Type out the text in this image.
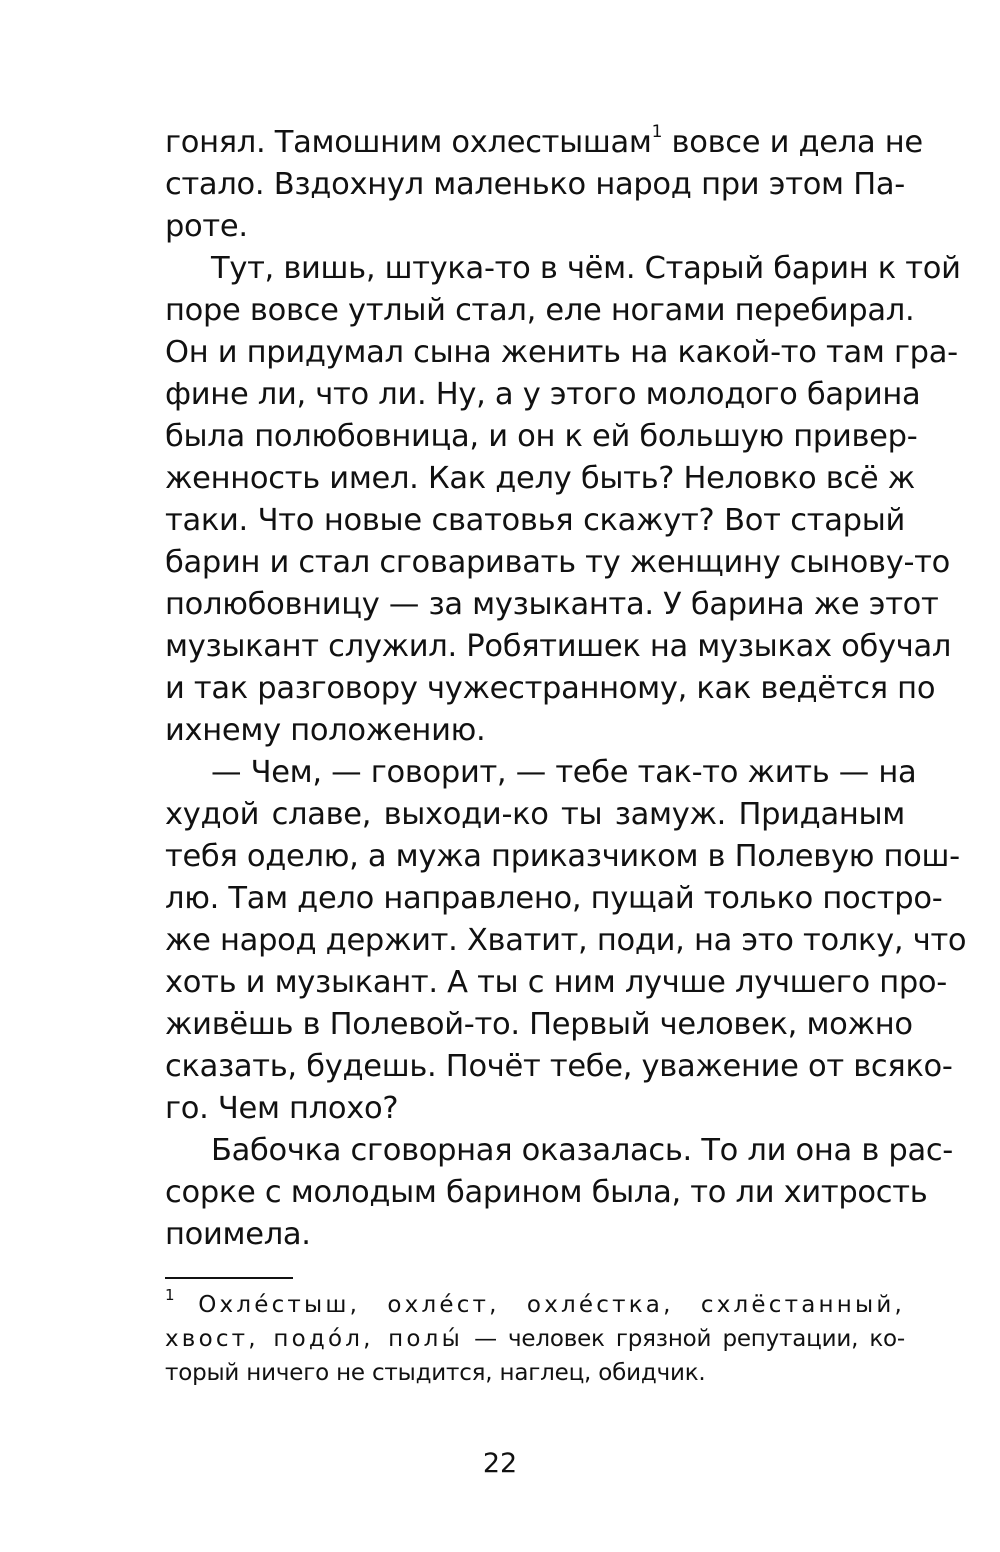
гонял. Тамошним охлестышам$^1$ вовсе и дела не
стало. Вздохнул маленько народ при этом Па-
роте.
Тут, вишь, штука-то в чём. Старый барин к той
поре вовсе утлый стал, еле ногами перебирал.
Он и придумал сына женить на какой-то там гра-
фине ли, что ли. Ну, а у этого молодого барина
была полюбовница, и он к ей большую привер-
женность имел. Как делу быть? Неловко всё ж
таки. Что новые сватовья скажут? Вот старый
барин и стал сговаривать ту женщину сынову-то
полюбовницу — за музыканта. У барина же этот
музыкант служил. Робятишек на музыках обучал
и так разговору чужестранному, как ведётся по
ихнему положению.
— Чем, — говорит, — тебе так-то жить — на
худой славе, выходи-ко ты замуж. Приданым
тебя оделю, а мужа приказчиком в Полевую пош-
лю. Там дело направлено, пущай только постро-
же народ держит. Хватит, поди, на это толку, что
хоть и музыкант. А ты с ним лучше лучшего про-
живёшь в Полевой-то. Первый человек, можно
сказать, будешь. Почёт тебе, уважение от всяко-
го. Чем плохо?
Бабочка сговорная оказалась. То ли она в рас-
сорке с молодым барином была, то ли хитрость
поимела.
$^1$ Охле́стыш, охле́ст, охле́стка, схлёстанный,
хвост, подо́л, полы́ — человек грязной репутации, ко-
торый ничего не стыдится, наглец, обидчик.
22
